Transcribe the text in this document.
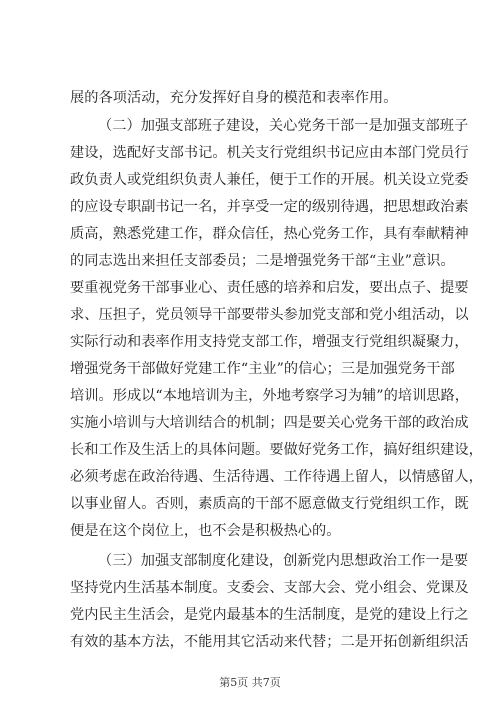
展的各项活动，充分发挥好自身的模范和表率作用。
（二）加强支部班子建设，关心党务干部一是加强支部班子
建设，选配好支部书记。机关支行党组织书记应由本部门党员行
政负责人或党组织负责人兼任，便于工作的开展。机关设立党委
的应设专职副书记一名，并享受一定的级别待遇，把思想政治素
质高，熟悉党建工作，群众信任，热心党务工作，具有奉献精神
的同志选出来担任支部委员；二是增强党务干部“主业”意识。
要重视党务干部事业心、责任感的培养和启发，要出点子、提要
求、压担子，党员领导干部要带头参加党支部和党小组活动，以
实际行动和表率作用支持党支部工作，增强支行党组织凝聚力，
增强党务干部做好党建工作“主业”的信心；三是加强党务干部
培训。形成以“本地培训为主，外地考察学习为辅”的培训思路，
实施小培训与大培训结合的机制；四是要关心党务干部的政治成
长和工作及生活上的具体问题。要做好党务工作，搞好组织建设，
必须考虑在政治待遇、生活待遇、工作待遇上留人，以情感留人，
以事业留人。否则，素质高的干部不愿意做支行党组织工作，既
便是在这个岗位上，也不会是积极热心的。
（三）加强支部制度化建设，创新党内思想政治工作一是要
坚持党内生活基本制度。支委会、支部大会、党小组会、党课及
党内民主生活会，是党内最基本的生活制度，是党的建设上行之
有效的基本方法，不能用其它活动来代替；二是开拓创新组织活
第5页 共7页
